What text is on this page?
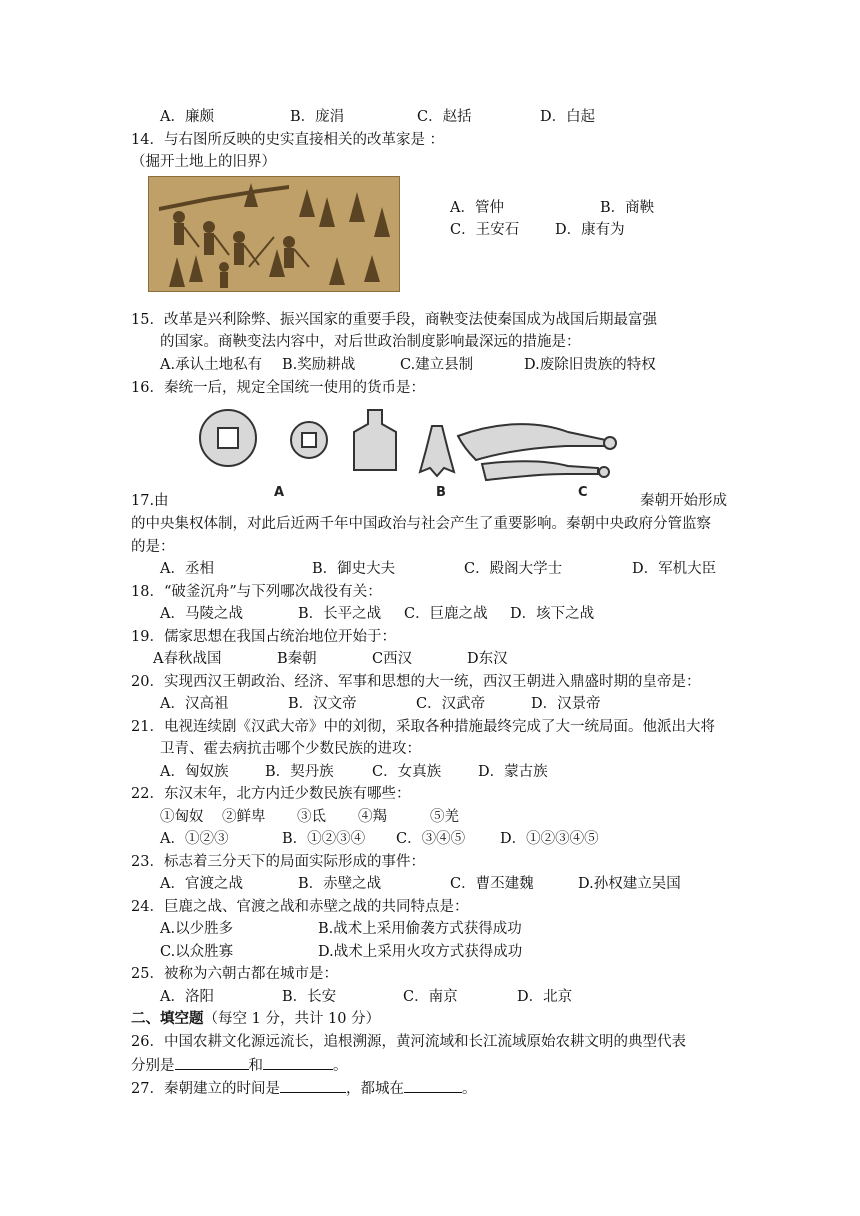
A．廉颇	B．庞涓	C．赵括	D．白起
14．与右图所反映的史实直接相关的改革家是 ：
（掘开土地上的旧界）
A．管仲	B．商鞅
C．王安石 D．康有为
15．改革是兴利除弊、振兴国家的重要手段，商鞅变法使秦国成为战国后期最富强
的国家。商鞅变法内容中，对后世政治制度影响最深远的措施是：
A.承认土地私有 B.奖励耕战	C.建立县制	D.废除旧贵族的特权
16．秦统一后，规定全国统一使用的货币是：
A	B	C
17.由	秦朝开始形成
的中央集权体制，对此后近两千年中国政治与社会产生了重要影响。秦朝中央政府分管监察
的是：
A．丞相	B．御史大夫	C．殿阁大学士	D．军机大臣
18．“破釜沉舟”与下列哪次战役有关：
A．马陵之战	B．长平之战 C．巨鹿之战 D．垓下之战
19．儒家思想在我国占统治地位开始于：
A春秋战国	B秦朝	C西汉	D东汉
20．实现西汉王朝政治、经济、军事和思想的大一统，西汉王朝进入鼎盛时期的皇帝是：
A．汉高祖	B．汉文帝	C．汉武帝	D．汉景帝
21．电视连续剧《汉武大帝》中的刘彻，采取各种措施最终完成了大一统局面。他派出大将
卫青、霍去病抗击哪个少数民族的进攻：
A．匈奴族	B．契丹族	C．女真族	D．蒙古族
22．东汉末年，北方内迁少数民族有哪些：
①匈奴 ②鲜卑 ③氐 ④羯	⑤羌
A．①②③	B．①②③④ C．③④⑤ D．①②③④⑤
23．标志着三分天下的局面实际形成的事件：
A．官渡之战	B．赤壁之战	C．曹丕建魏	D.孙权建立吴国
24．巨鹿之战、官渡之战和赤壁之战的共同特点是：
A.以少胜多	B.战术上采用偷袭方式获得成功
C.以众胜寡	D.战术上采用火攻方式获得成功
25．被称为六朝古都在城市是：
A．洛阳	B．长安	C．南京	D．北京
二、填空题（每空 1 分，共计 10 分）
26．中国农耕文化源远流长，追根溯源，黄河流域和长江流域原始农耕文明的典型代表
分别是	和	。
27．秦朝建立的时间是	，都城在	。
